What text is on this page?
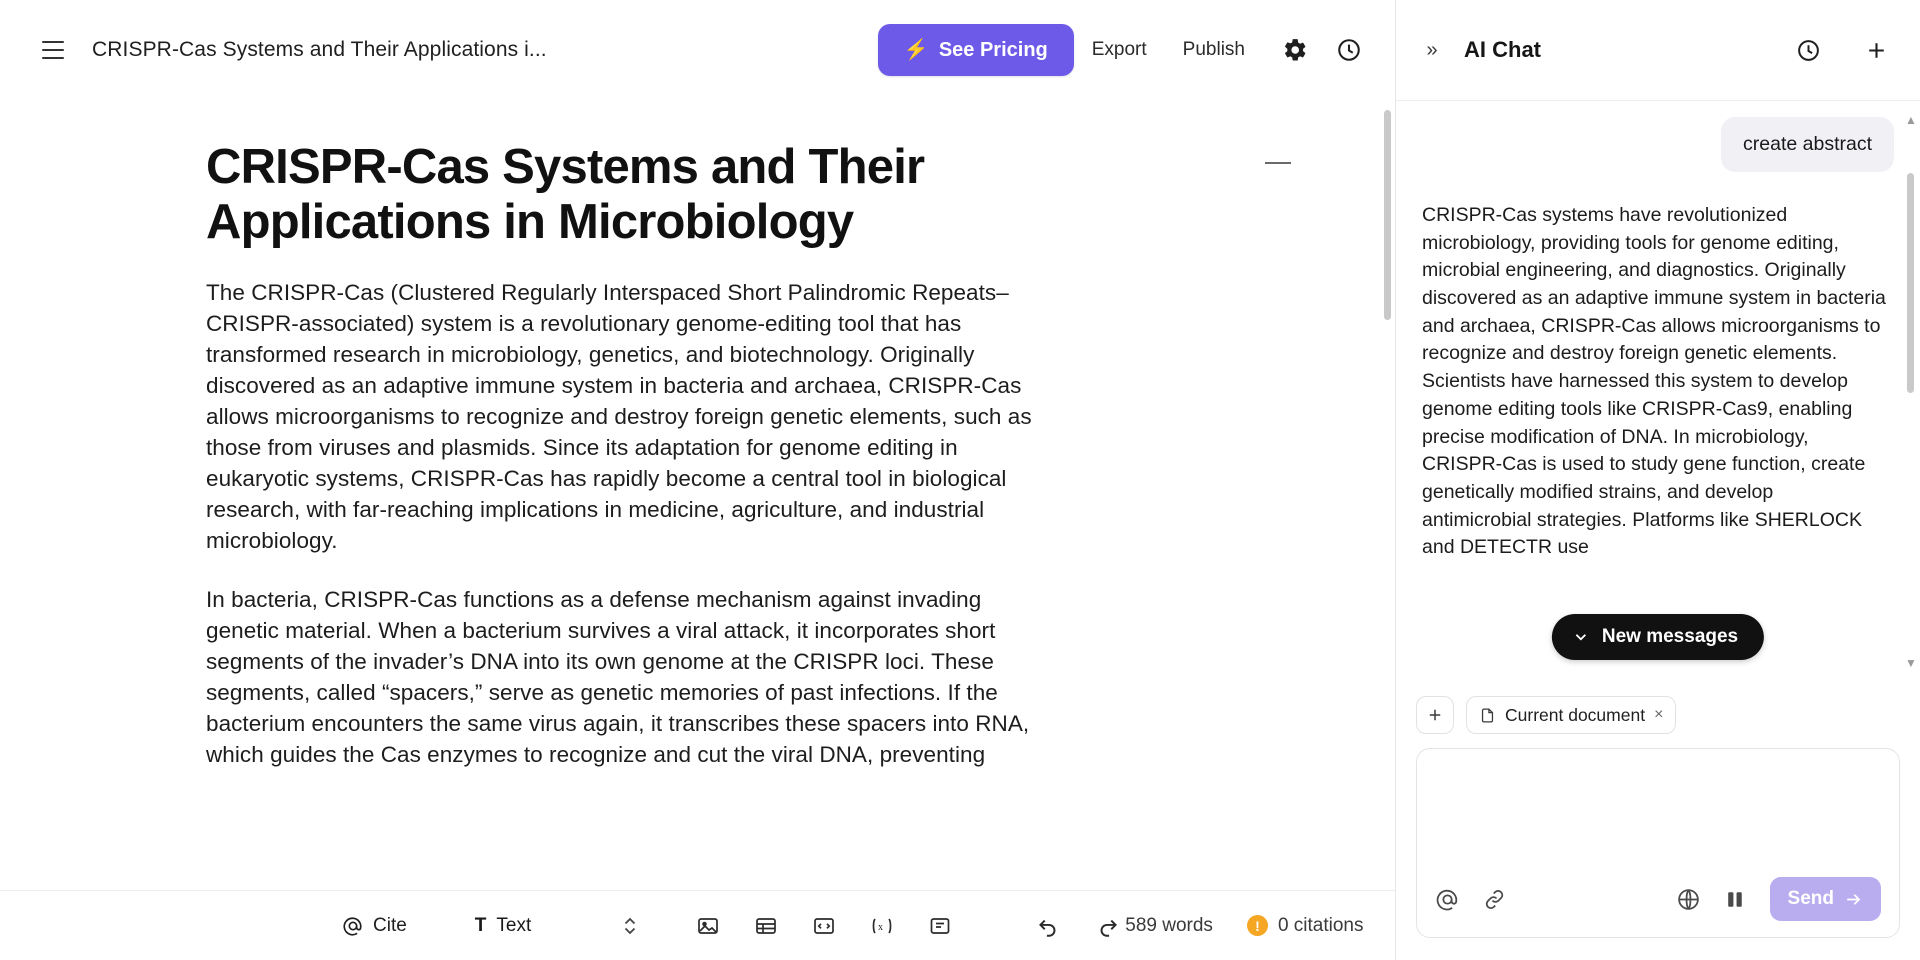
CRISPR-Cas Systems and Their Applications i...	⚡ See Pricing	Export	Publish
CRISPR-Cas Systems and Their Applications in Microbiology

The CRISPR-Cas (Clustered Regularly Interspaced Short Palindromic Repeats–CRISPR-associated) system is a revolutionary genome-editing tool that has transformed research in microbiology, genetics, and biotechnology. Originally discovered as an adaptive immune system in bacteria and archaea, CRISPR-Cas allows microorganisms to recognize and destroy foreign genetic elements, such as those from viruses and plasmids. Since its adaptation for genome editing in eukaryotic systems, CRISPR-Cas has rapidly become a central tool in biological research, with far-reaching implications in medicine, agriculture, and industrial microbiology.

In bacteria, CRISPR-Cas functions as a defense mechanism against invading genetic material. When a bacterium survives a viral attack, it incorporates short segments of the invader’s DNA into its own genome at the CRISPR loci. These segments, called “spacers,” serve as genetic memories of past infections. If the bacterium encounters the same virus again, it transcribes these spacers into RNA, which guides the Cas enzymes to recognize and cut the viral DNA, preventing

Cite	T Text	x	589 words	! 0 citations
»	AI Chat
create abstract
CRISPR-Cas systems have revolutionized microbiology, providing tools for genome editing, microbial engineering, and diagnostics. Originally discovered as an adaptive immune system in bacteria and archaea, CRISPR-Cas allows microorganisms to recognize and destroy foreign genetic elements. Scientists have harnessed this system to develop genome editing tools like CRISPR-Cas9, enabling precise modification of DNA. In microbiology, CRISPR-Cas is used to study gene function, create genetically modified strains, and develop antimicrobial strategies. Platforms like SHERLOCK and DETECTR use
▲
▼
New messages
Current document ×
Send
